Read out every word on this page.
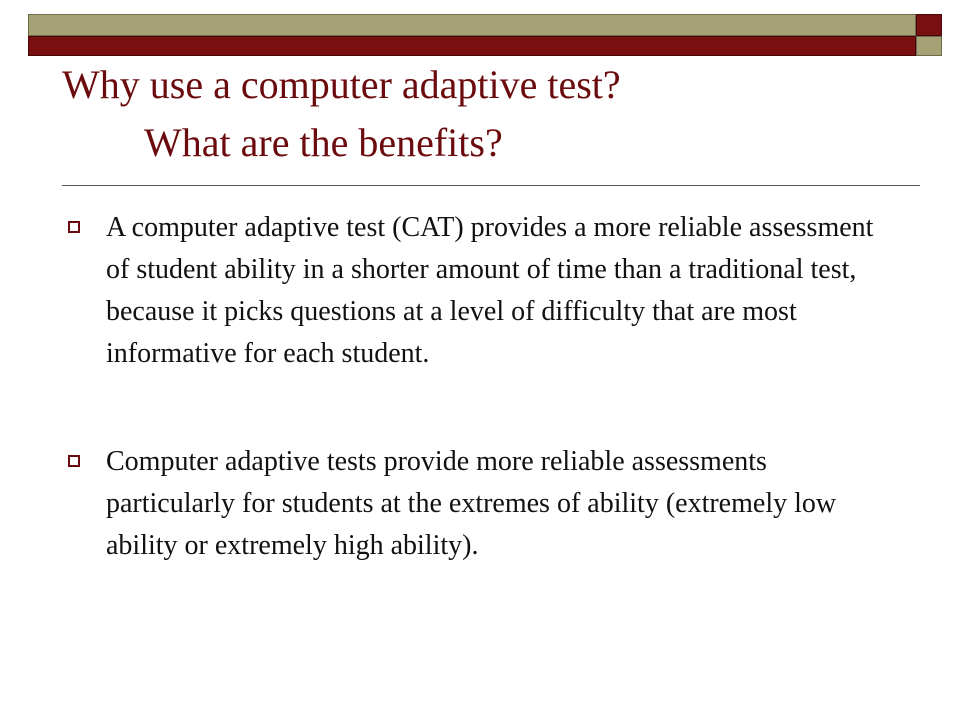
Why use a computer adaptive test?
What are the benefits?
A computer adaptive test (CAT) provides a more reliable assessment of student ability in a shorter amount of time than a traditional test, because it picks questions at a level of difficulty that are most informative for each student.
Computer adaptive tests provide more reliable assessments particularly for students at the extremes of ability (extremely low ability or extremely high ability).
